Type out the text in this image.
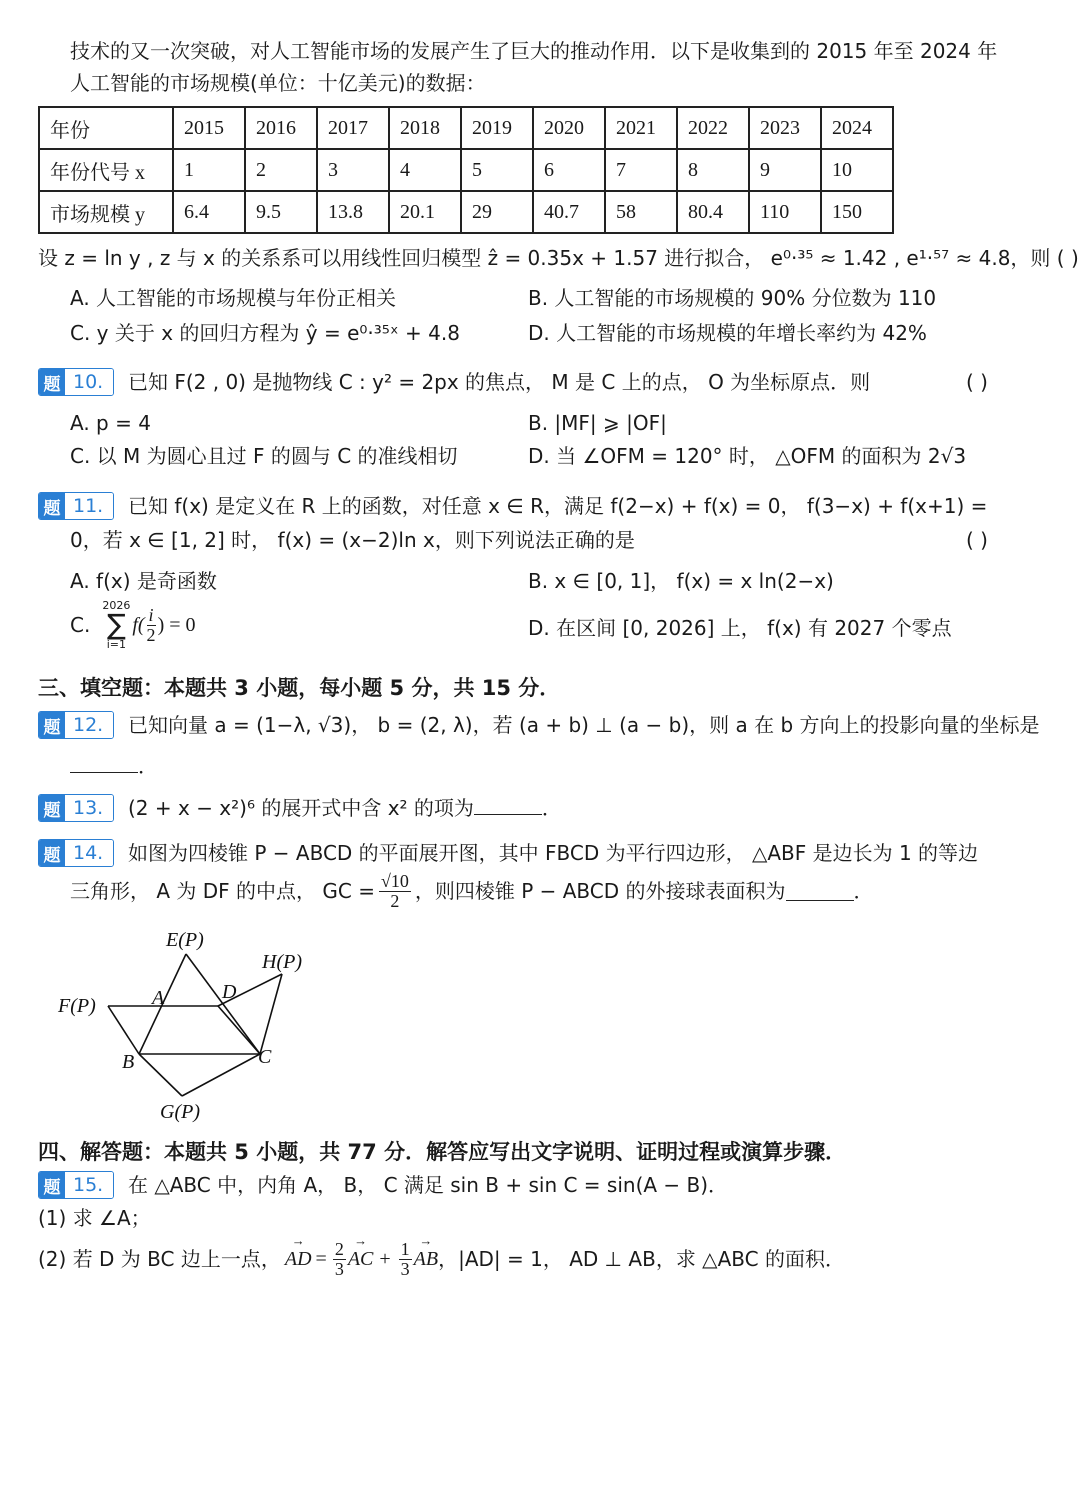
技术的又一次突破，对人工智能市场的发展产生了巨大的推动作用．以下是收集到的 2015 年至 2024 年
人工智能的市场规模(单位：十亿美元)的数据：
年份	2015	2016	2017	2018	2019	2020	2021	2022	2023	2024
年份代号 x	1	2	3	4	5	6	7	8	9	10
市场规模 y	6.4	9.5	13.8	20.1	29	40.7	58	80.4	110	150
设 z = ln y , z 与 x 的关系系可以用线性回归模型 ẑ = 0.35x + 1.57 进行拟合， e⁰·³⁵ ≈ 1.42 , e¹·⁵⁷ ≈ 4.8，则 ( )
A. 人工智能的市场规模与年份正相关	B. 人工智能的市场规模的 90% 分位数为 110
C. y 关于 x 的回归方程为 ŷ = e⁰·³⁵ˣ + 4.8	D. 人工智能的市场规模的年增长率约为 42%
题 10.	已知 F(2 , 0) 是抛物线 C : y² = 2px 的焦点， M 是 C 上的点， O 为坐标原点．则	( )
A. p = 4	B. |MF| ⩾ |OF|
C. 以 M 为圆心且过 F 的圆与 C 的准线相切	D. 当 ∠OFM = 120° 时， △OFM 的面积为 2√3
题 11.	已知 f(x) 是定义在 R 上的函数，对任意 x ∈ R，满足 f(2−x) + f(x) = 0， f(3−x) + f(x+1) =
0，若 x ∈ [1, 2] 时， f(x) = (x−2)ln x，则下列说法正确的是	( )
A. f(x) 是奇函数	B. x ∈ [0, 1]， f(x) = x ln(2−x)
C.
2026
∑
i=1
$f( \frac{i}{2}$ ) = 0	D. 在区间 [0, 2026] 上， f(x) 有 2027 个零点
三、填空题：本题共 3 小题，每小题 5 分，共 15 分．
题 12.	已知向量 a = (1−λ, √3)， b = (2, λ)，若 (a + b) ⊥ (a − b)，则 a 在 b 方向上的投影向量的坐标是
．
题 13.	(2 + x − x²)⁶ 的展开式中含 x² 的项为	．
题 14.	如图为四棱锥 P − ABCD 的平面展开图，其中 FBCD 为平行四边形， △ABF 是边长为 1 的等边
三角形， A 为 DF 的中点， GC = $\frac{√10}{2}$ ，则四棱锥 P − ABCD 的外接球表面积为	．
E(P)
H(P)
F(P)	A	D
B	C
G(P)
四、解答题：本题共 5 小题，共 77 分．解答应写出文字说明、证明过程或演算步骤．
题 15.	在 △ABC 中，内角 A， B， C 满足 sin B + sin C = sin(A − B)．
(1) 求 ∠A；
(2) 若 D 为 BC 边上一点， → AD = $\frac{2}{3}$ → AC + $\frac{1}{3}$ → AB ，|AD| = 1， AD ⊥ AB，求 △ABC 的面积．
